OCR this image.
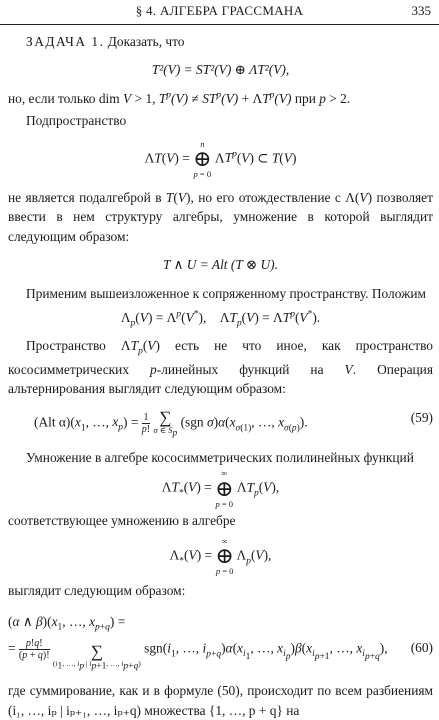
§ 4. АЛГЕБРА ГРАССМАНА	335

ЗАДАЧА 1. Доказать, что

T²(V) = ST²(V) ⊕ ΛT²(V),

но, если только dim V > 1, $T^p(V) \ne ST^p(V) + \Lambda T^p(V)$ при p > 2.

Подпространство

ΛT(V) =
n
⊕
p = 0
$\Lambda T^p(V)$ ⊂ T(V)

не является подалгеброй в T(V), но его отождествление с Λ(V) позволяет ввести в нем структуру алгебры, умножение в которой выглядит следующим образом:

T ∧ U = Alt (T ⊗ U).

Применим вышеизложенное к сопряженному пространству. Положим

$\Lambda_p(V) = \Lambda^p(V^*)$,    $\Lambda T_p(V) = \Lambda T^p(V^*)$.

Пространство $\Lambda T_p(V)$ есть не что иное, как пространство кососимметрических p-линейных функций на V. Операция альтернирования выглядит следующим образом:

(Alt $\alpha)(x_1$, …, $x_p) = \frac{1}{p!}$ ∑
σ ∈ $S_p$
(sgn $\sigma)\alpha(x_{\sigma(1)}$, …, $x_{\sigma(p)}$).	(59)

Умножение в алгебре кососимметрических полилинейных функций

$\Lambda T_*(V)$ =
∞
⊕
p = 0
$\Lambda T_p(V)$,

соответствующее умножению в алгебре

$\Lambda_*(V)$ =
∞
⊕
p = 0
$\Lambda_p(V)$,

выглядит следующим образом:

(α ∧ $\beta)(x_1$, …, $x_{p+q}$) =
= $\frac{p!q!}{(p + q)!}$ ∑
($i_1$, …, $i_p$ | $i_{p+1}$, …, $i_{p+q}$)
$sgn(i_1$, …, $i_{p+q})\alpha(x_{i_1}$, …, $x_{i_p})\beta(x_{i_{p+1}}$, …, $x_{i_{p+q}}$), (60)

где суммирование, как и в формуле (50), происходит по всем разбиениям (i₁, …, iₚ | iₚ₊₁, …, iₚ₊q) множества {1, …, p + q} на
